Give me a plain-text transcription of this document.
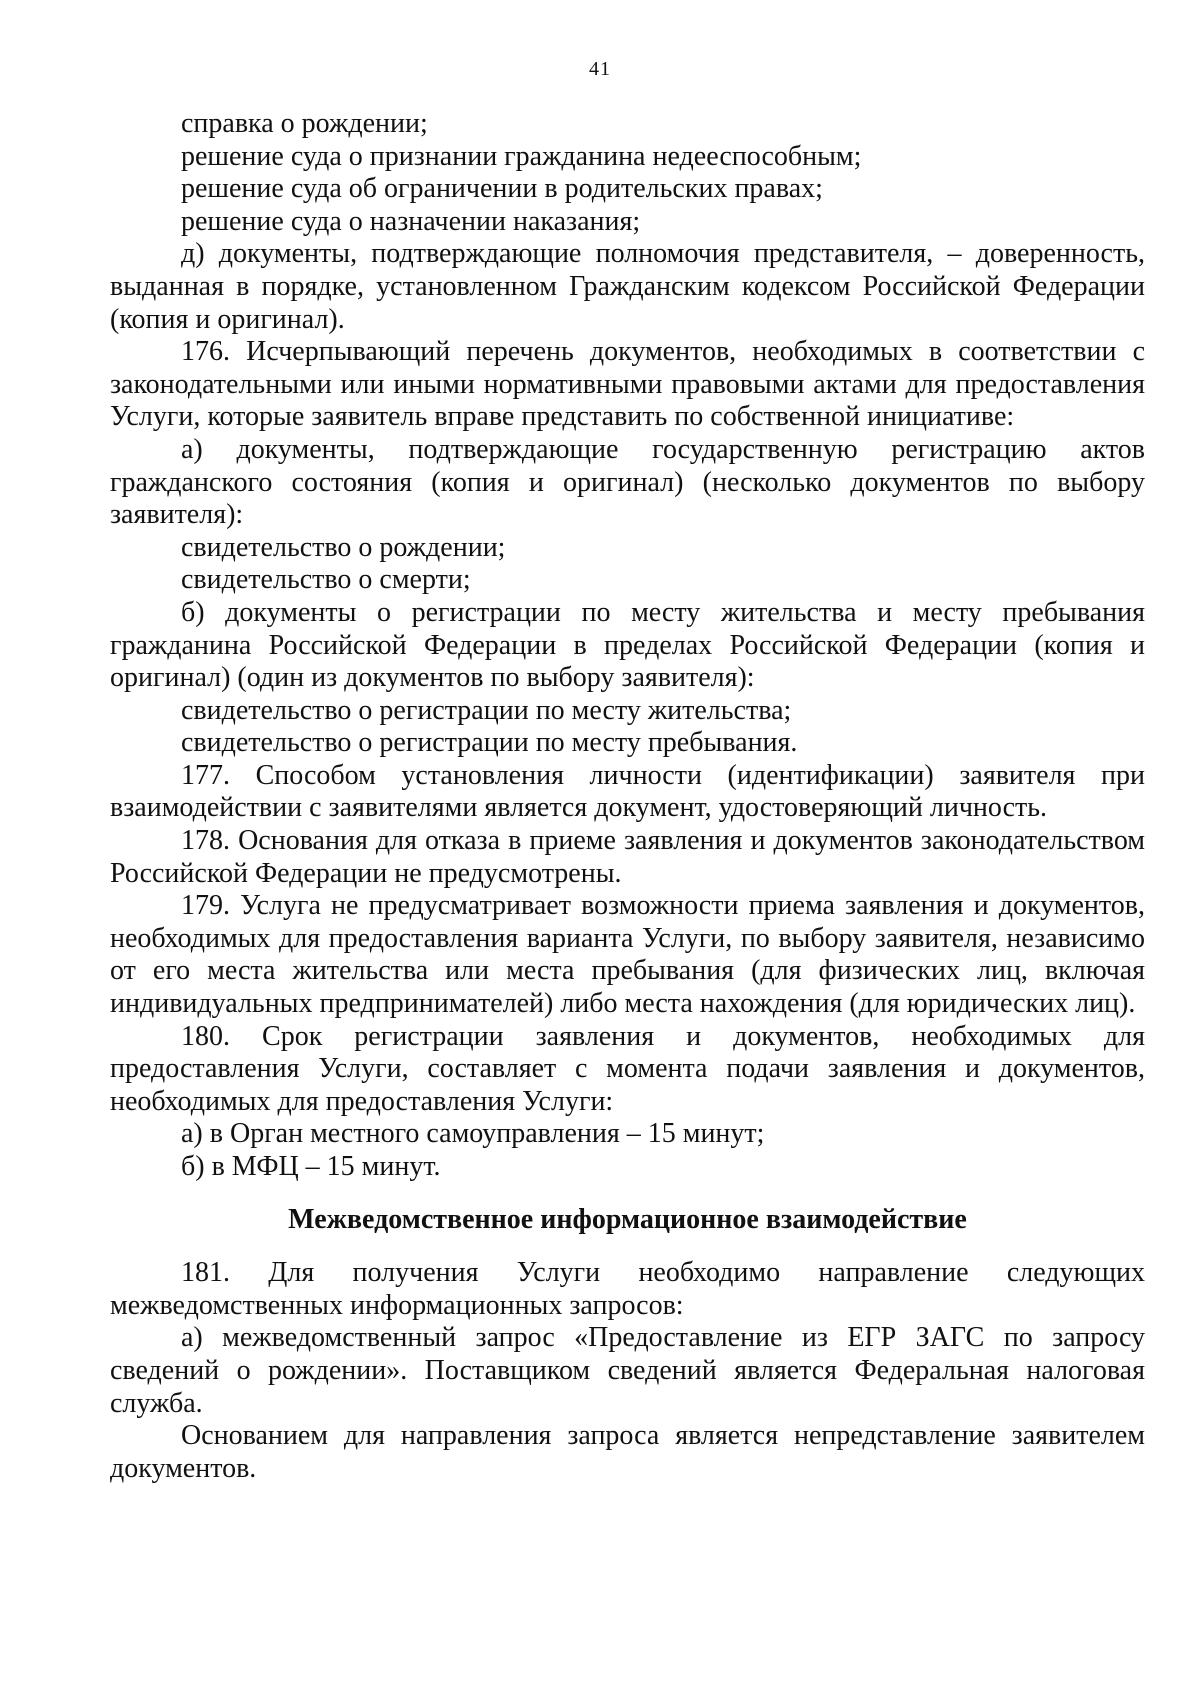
41

справка о рождении;

решение суда о признании гражданина недееспособным;

решение суда об ограничении в родительских правах;

решение суда о назначении наказания;

д) документы, подтверждающие полномочия представителя, – доверенность, выданная в порядке, установленном Гражданским кодексом Российской Федерации (копия и оригинал).

176. Исчерпывающий перечень документов, необходимых в соответствии с законодательными или иными нормативными правовыми актами для предоставления Услуги, которые заявитель вправе представить по собственной инициативе:

а) документы, подтверждающие государственную регистрацию актов гражданского состояния (копия и оригинал) (несколько документов по выбору заявителя):

свидетельство о рождении;

свидетельство о смерти;

б) документы о регистрации по месту жительства и месту пребывания гражданина Российской Федерации в пределах Российской Федерации (копия и оригинал) (один из документов по выбору заявителя):

свидетельство о регистрации по месту жительства;

свидетельство о регистрации по месту пребывания.

177. Способом установления личности (идентификации) заявителя при взаимодействии с заявителями является документ, удостоверяющий личность.

178. Основания для отказа в приеме заявления и документов законодательством Российской Федерации не предусмотрены.

179. Услуга не предусматривает возможности приема заявления и документов, необходимых для предоставления варианта Услуги, по выбору заявителя, независимо от его места жительства или места пребывания (для физических лиц, включая индивидуальных предпринимателей) либо места нахождения (для юридических лиц).

180. Срок регистрации заявления и документов, необходимых для предоставления Услуги, составляет с момента подачи заявления и документов, необходимых для предоставления Услуги:

а) в Орган местного самоуправления – 15 минут;

б) в МФЦ – 15 минут.

Межведомственное информационное взаимодействие

181. Для получения Услуги необходимо направление следующих межведомственных информационных запросов:

а) межведомственный запрос «Предоставление из ЕГР ЗАГС по запросу сведений о рождении». Поставщиком сведений является Федеральная налоговая служба.

Основанием для направления запроса является непредставление заявителем документов.
